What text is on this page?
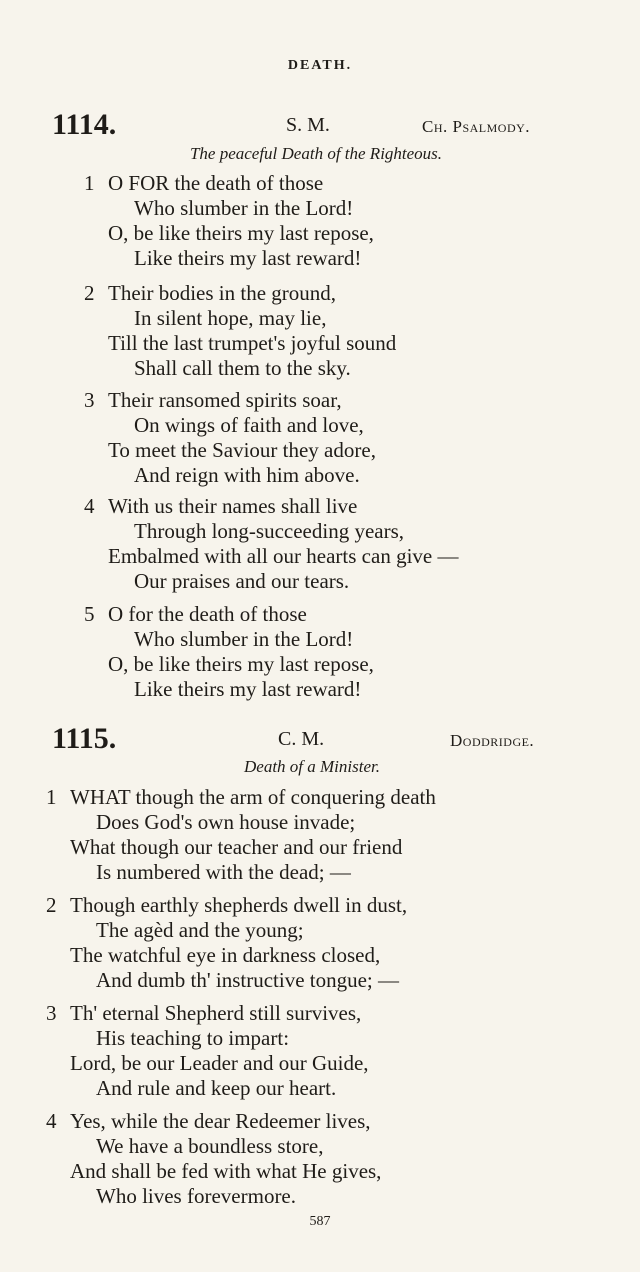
DEATH.
1114.	S. M.	Ch. Psalmody.
The peaceful Death of the Righteous.
1 O FOR the death of those
Who slumber in the Lord!
O, be like theirs my last repose,
Like theirs my last reward!
2 Their bodies in the ground,
In silent hope, may lie,
Till the last trumpet's joyful sound
Shall call them to the sky.
3 Their ransomed spirits soar,
On wings of faith and love,
To meet the Saviour they adore,
And reign with him above.
4 With us their names shall live
Through long-succeeding years,
Embalmed with all our hearts can give —
Our praises and our tears.
5 O for the death of those
Who slumber in the Lord!
O, be like theirs my last repose,
Like theirs my last reward!
1115.	C. M.	Doddridge.
Death of a Minister.
1 WHAT though the arm of conquering death
Does God's own house invade;
What though our teacher and our friend
Is numbered with the dead; —
2 Though earthly shepherds dwell in dust,
The agèd and the young;
The watchful eye in darkness closed,
And dumb th' instructive tongue; —
3 Th' eternal Shepherd still survives,
His teaching to impart:
Lord, be our Leader and our Guide,
And rule and keep our heart.
4 Yes, while the dear Redeemer lives,
We have a boundless store,
And shall be fed with what He gives,
Who lives forevermore.
587
